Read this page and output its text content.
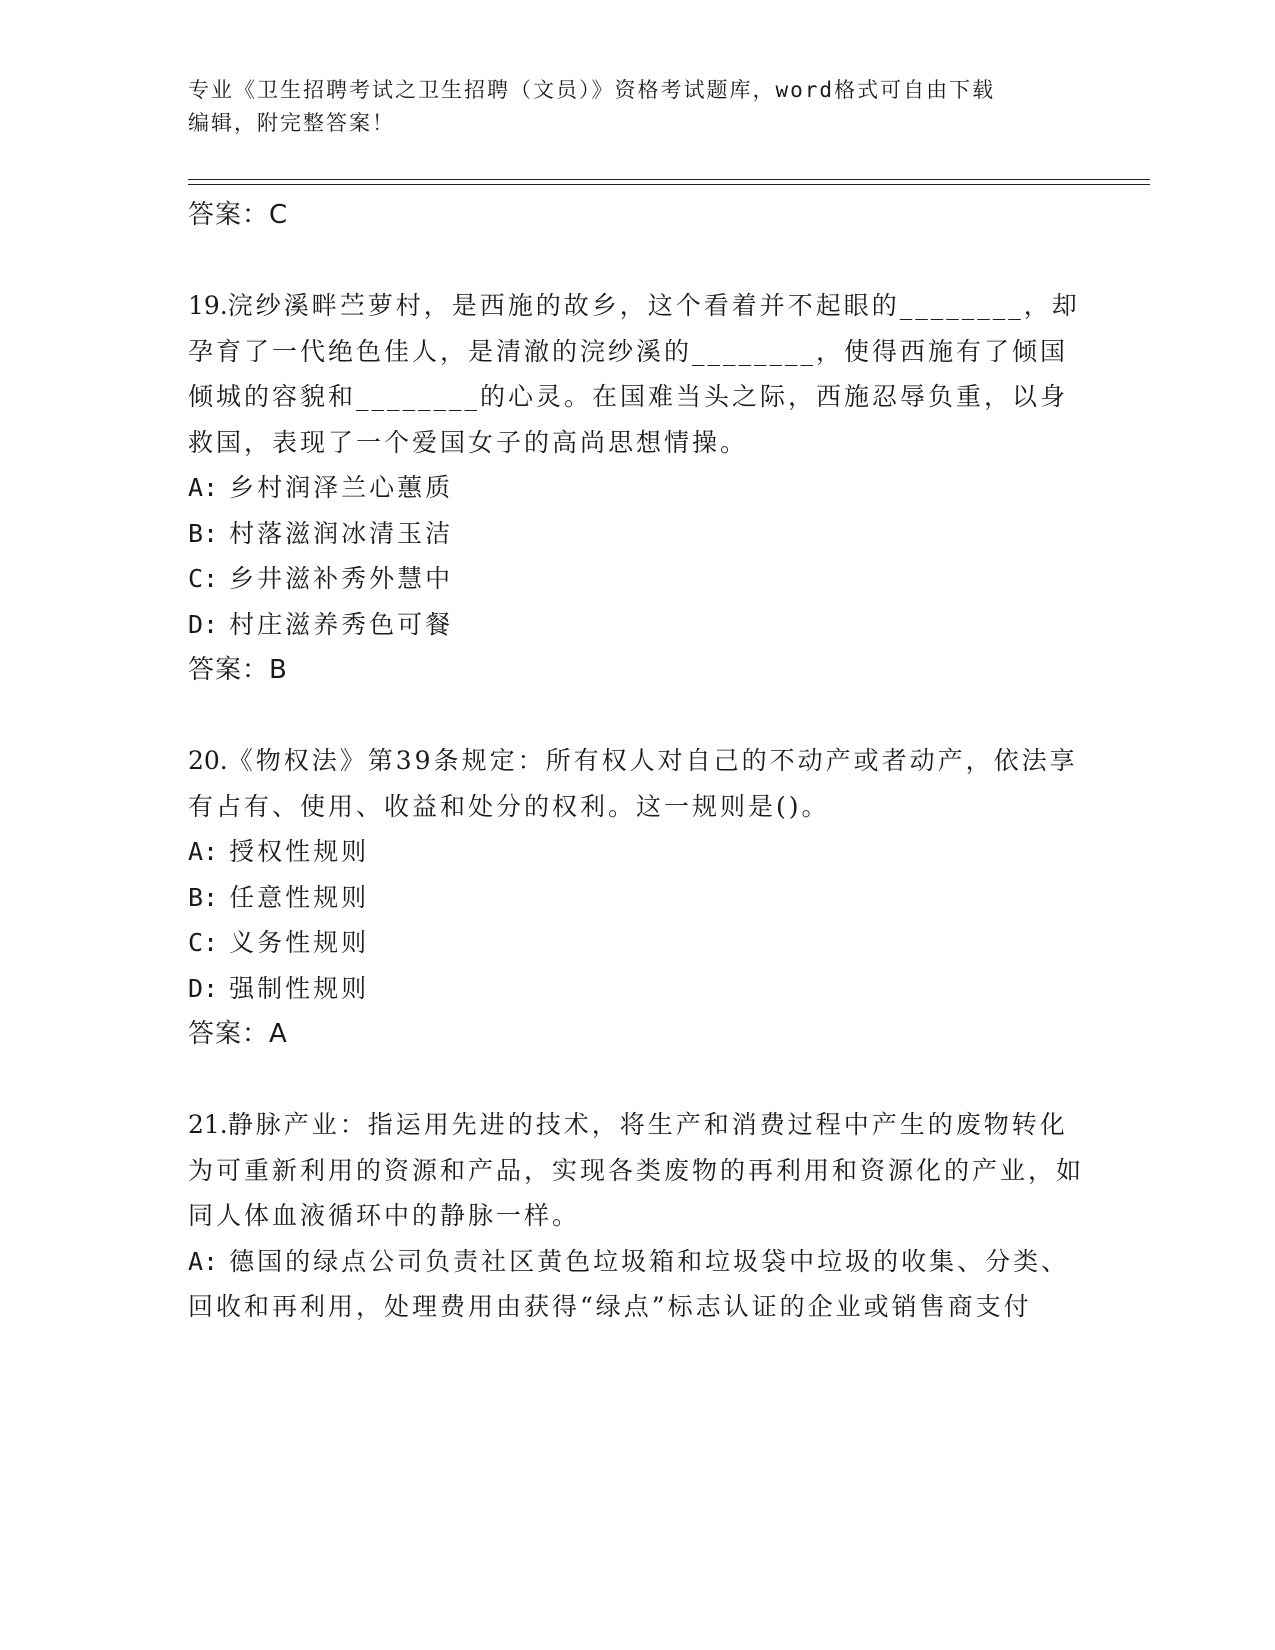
专业《卫生招聘考试之卫生招聘（文员）》资格考试题库，word格式可自由下载
编辑，附完整答案！
答案：C
19.浣纱溪畔苎萝村，是西施的故乡，这个看着并不起眼的________，却孕育了一代绝色佳人，是清澈的浣纱溪的________，使得西施有了倾国倾城的容貌和________的心灵。在国难当头之际，西施忍辱负重，以身救国，表现了一个爱国女子的高尚思想情操。
A: 乡村润泽兰心蕙质
B: 村落滋润冰清玉洁
C: 乡井滋补秀外慧中
D: 村庄滋养秀色可餐
答案：B
20.《物权法》第39条规定：所有权人对自己的不动产或者动产，依法享有占有、使用、收益和处分的权利。这一规则是()。
A: 授权性规则
B: 任意性规则
C: 义务性规则
D: 强制性规则
答案：A
21.静脉产业：指运用先进的技术，将生产和消费过程中产生的废物转化为可重新利用的资源和产品，实现各类废物的再利用和资源化的产业，如同人体血液循环中的静脉一样。
A: 德国的绿点公司负责社区黄色垃圾箱和垃圾袋中垃圾的收集、分类、回收和再利用，处理费用由获得“绿点”标志认证的企业或销售商支付
